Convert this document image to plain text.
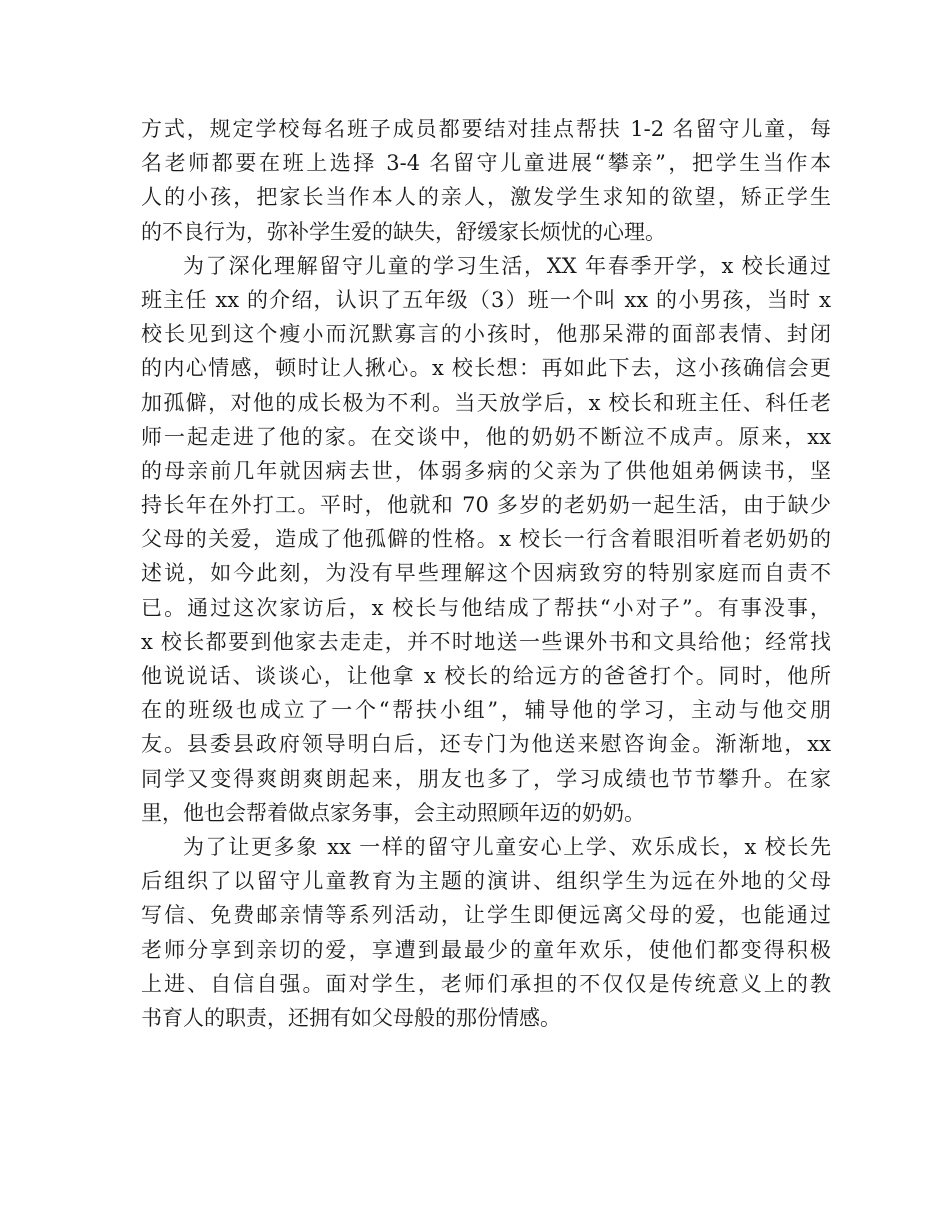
方式，规定学校每名班子成员都要结对挂点帮扶 1-2 名留守儿童，每
名老师都要在班上选择 3-4 名留守儿童进展“攀亲”，把学生当作本
人的小孩，把家长当作本人的亲人，激发学生求知的欲望，矫正学生
的不良行为，弥补学生爱的缺失，舒缓家长烦忧的心理。
为了深化理解留守儿童的学习生活，XX 年春季开学，x 校长通过
班主任 xx 的介绍，认识了五年级（3）班一个叫 xx 的小男孩，当时 x
校长见到这个瘦小而沉默寡言的小孩时，他那呆滞的面部表情、封闭
的内心情感，顿时让人揪心。x 校长想：再如此下去，这小孩确信会更
加孤僻，对他的成长极为不利。当天放学后，x 校长和班主任、科任老
师一起走进了他的家。在交谈中，他的奶奶不断泣不成声。原来，xx
的母亲前几年就因病去世，体弱多病的父亲为了供他姐弟俩读书，坚
持长年在外打工。平时，他就和 70 多岁的老奶奶一起生活，由于缺少
父母的关爱，造成了他孤僻的性格。x 校长一行含着眼泪听着老奶奶的
述说，如今此刻，为没有早些理解这个因病致穷的特别家庭而自责不
已。通过这次家访后，x 校长与他结成了帮扶“小对子”。有事没事，
x 校长都要到他家去走走，并不时地送一些课外书和文具给他；经常找
他说说话、谈谈心，让他拿 x 校长的给远方的爸爸打个。同时，他所
在的班级也成立了一个“帮扶小组”，辅导他的学习，主动与他交朋
友。县委县政府领导明白后，还专门为他送来慰咨询金。渐渐地，xx
同学又变得爽朗爽朗起来，朋友也多了，学习成绩也节节攀升。在家
里，他也会帮着做点家务事，会主动照顾年迈的奶奶。
为了让更多象 xx 一样的留守儿童安心上学、欢乐成长，x 校长先
后组织了以留守儿童教育为主题的演讲、组织学生为远在外地的父母
写信、免费邮亲情等系列活动，让学生即便远离父母的爱，也能通过
老师分享到亲切的爱，享遭到最最少的童年欢乐，使他们都变得积极
上进、自信自强。面对学生，老师们承担的不仅仅是传统意义上的教
书育人的职责，还拥有如父母般的那份情感。
